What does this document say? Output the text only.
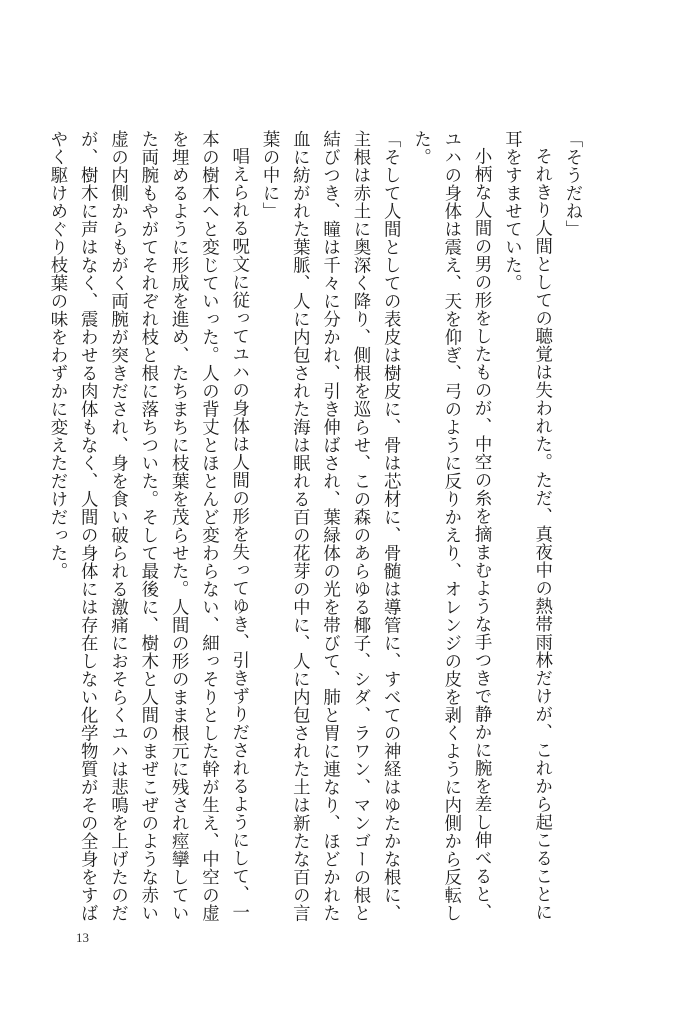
「そうだね」

それきり人間としての聴覚は失われた。ただ、真夜中の熱帯雨林だけが、これから起こることに耳をすませていた。

小柄な人間の男の形をしたものが、中空の糸を摘まむような手つきで静かに腕を差し伸べると、ユハの身体は震え、天を仰ぎ、弓のように反りかえり、オレンジの皮を剥くように内側から反転した。

「そして人間としての表皮は樹皮に、骨は芯材に、骨髄は導管に、すべての神経はゆたかな根に、主根は赤土に奥深く降り、側根を巡らせ、この森のあらゆる椰子、シダ、ラワン、マンゴーの根と結びつき、瞳は千々に分かれ、引き伸ばされ、葉緑体の光を帯びて、肺と胃に連なり、ほどかれた血に紡がれた葉脈、人に内包された海は眠れる百の花芽の中に、人に内包された土は新たな百の言葉の中に」

唱えられる呪文に従ってユハの身体は人間の形を失ってゆき、引きずりだされるようにして、一本の樹木へと変じていった。人の背丈とほとんど変わらない、細っそりとした幹が生え、中空の虚を埋めるように形成を進め、たちまちに枝葉を茂らせた。人間の形のまま根元に残され痙攣していた両腕もやがてそれぞれ枝と根に落ちついた。そして最後に、樹木と人間のまぜこぜのような赤い虚の内側からもがく両腕が突きだされ、身を食い破られる激痛におそらくユハは悲鳴を上げたのだが、樹木に声はなく、震わせる肉体もなく、人間の身体には存在しない化学物質がその全身をすばやく駆けめぐり枝葉の味をわずかに変えただけだった。

13
